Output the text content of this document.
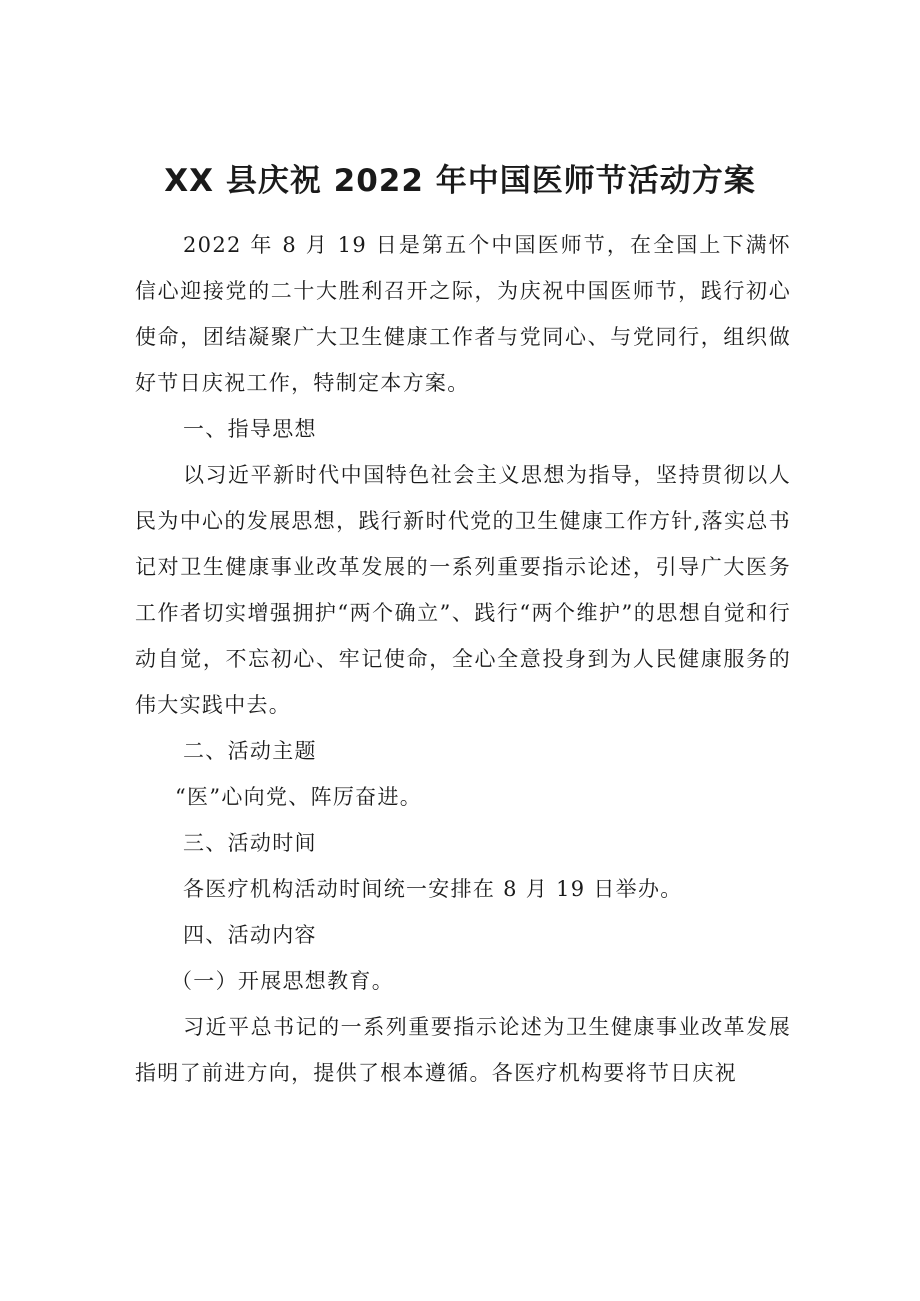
XX 县庆祝 2022 年中国医师节活动方案

2022 年 8 月 19 日是第五个中国医师节，在全国上下满怀信心迎接党的二十大胜利召开之际，为庆祝中国医师节，践行初心使命，团结凝聚广大卫生健康工作者与党同心、与党同行，组织做好节日庆祝工作，特制定本方案。

一、指导思想

以习近平新时代中国特色社会主义思想为指导，坚持贯彻以人民为中心的发展思想，践行新时代党的卫生健康工作方针,落实总书记对卫生健康事业改革发展的一系列重要指示论述，引导广大医务工作者切实增强拥护“两个确立”、践行“两个维护”的思想自觉和行动自觉，不忘初心、牢记使命，全心全意投身到为人民健康服务的伟大实践中去。

二、活动主题

“医”心向党、阵厉奋进。

三、活动时间

各医疗机构活动时间统一安排在 8 月 19 日举办。

四、活动内容

（一）开展思想教育。

习近平总书记的一系列重要指示论述为卫生健康事业改革发展指明了前进方向，提供了根本遵循。各医疗机构要将节日庆祝
